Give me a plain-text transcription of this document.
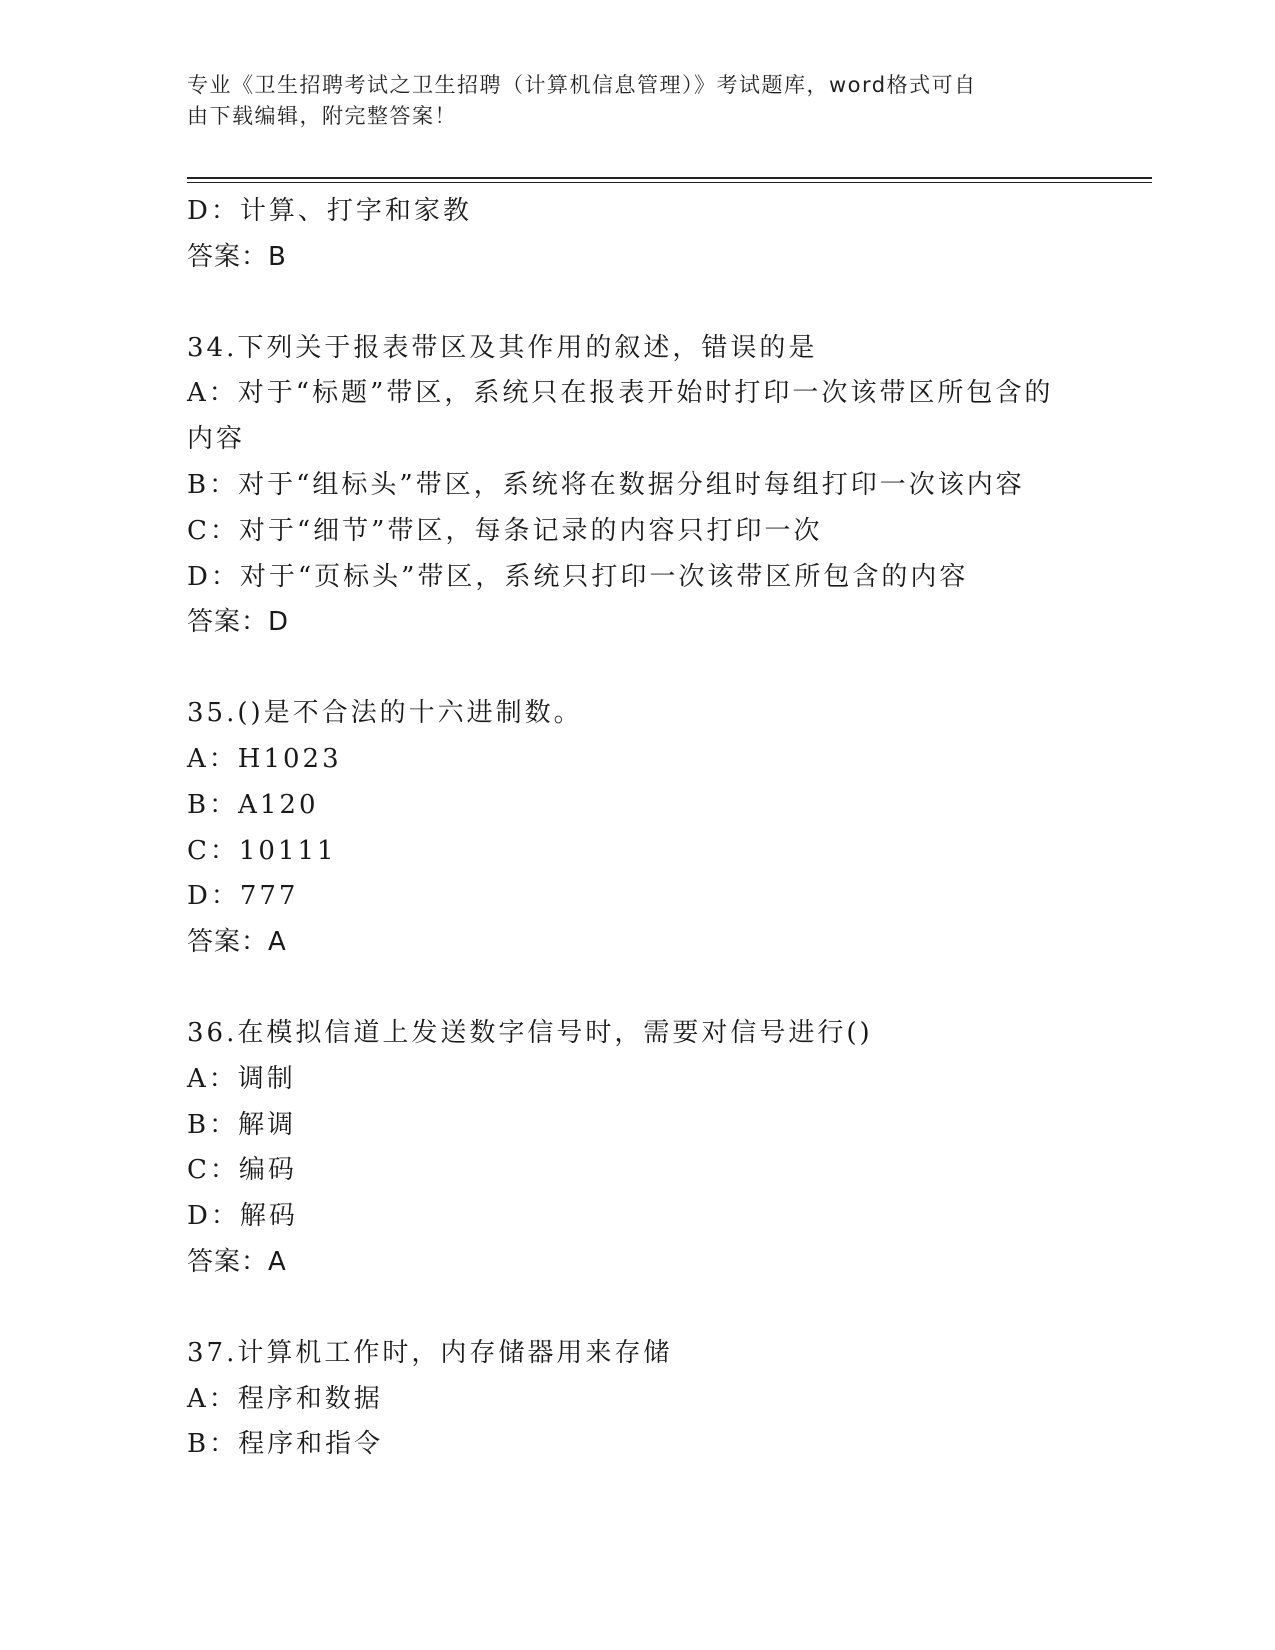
专业《卫生招聘考试之卫生招聘（计算机信息管理）》考试题库，word格式可自
由下载编辑，附完整答案！
D：计算、打字和家教
答案：B
34.下列关于报表带区及其作用的叙述，错误的是
A：对于“标题”带区，系统只在报表开始时打印一次该带区所包含的
内容
B：对于“组标头”带区，系统将在数据分组时每组打印一次该内容
C：对于“细节”带区，每条记录的内容只打印一次
D：对于“页标头”带区，系统只打印一次该带区所包含的内容
答案：D
35.()是不合法的十六进制数。
A：H1023
B：A120
C：10111
D：777
答案：A
36.在模拟信道上发送数字信号时，需要对信号进行()
A：调制
B：解调
C：编码
D：解码
答案：A
37.计算机工作时，内存储器用来存储
A：程序和数据
B：程序和指令
